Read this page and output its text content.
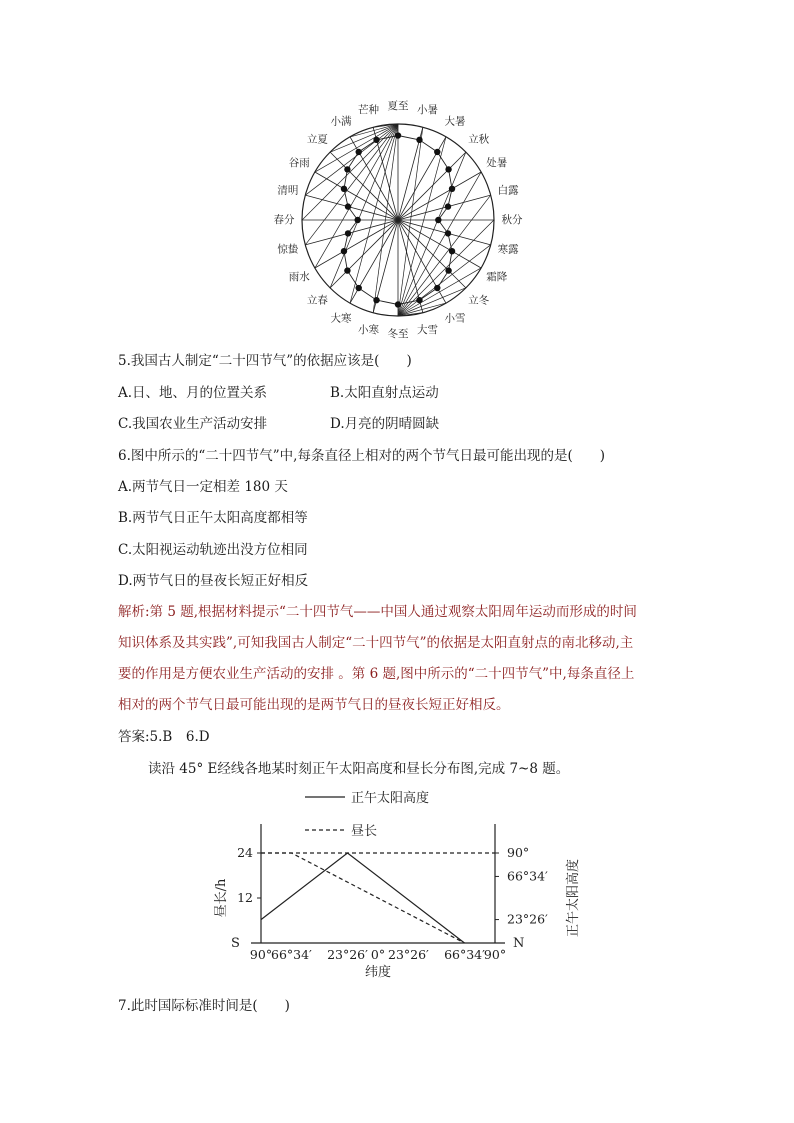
夏至 小暑
大暑
立秋
处暑
白露
秋分
寒露
霜降
立冬
小雪
大雪
冬至
小寒
大寒
立春
雨水
惊蛰
春分
清明
谷雨
立夏
小满
芒种
5.我国古人制定“二十四节气”的依据应该是(　　)
A.日、地、月的位置关系	B.太阳直射点运动
C.我国农业生产活动安排	D.月亮的阴晴圆缺
6.图中所示的“二十四节气”中,每条直径上相对的两个节气日最可能出现的是(　　)
A.两节气日一定相差 180 天
B.两节气日正午太阳高度都相等
C.太阳视运动轨迹出没方位相同
D.两节气日的昼夜长短正好相反
解析:第 5 题,根据材料提示“二十四节气——中国人通过观察太阳周年运动而形成的时间
知识体系及其实践”,可知我国古人制定“二十四节气”的依据是太阳直射点的南北移动,主
要的作用是方便农业生产活动的安排 。第 6 题,图中所示的“二十四节气”中,每条直径上
相对的两个节气日最可能出现的是两节气日的昼夜长短正好相反。
答案:5.B　6.D
读沿 45° E经线各地某时刻正午太阳高度和昼长分布图,完成 7~8 题。
正午太阳高度
昼长
24
12
90°
66°34′
23°26′
90°
66°34′ 23°26′ 0° 23°26′ 66°34′
90°
S	N
纬度
昼长/h	正午太阳高度
7.此时国际标准时间是(　　)
